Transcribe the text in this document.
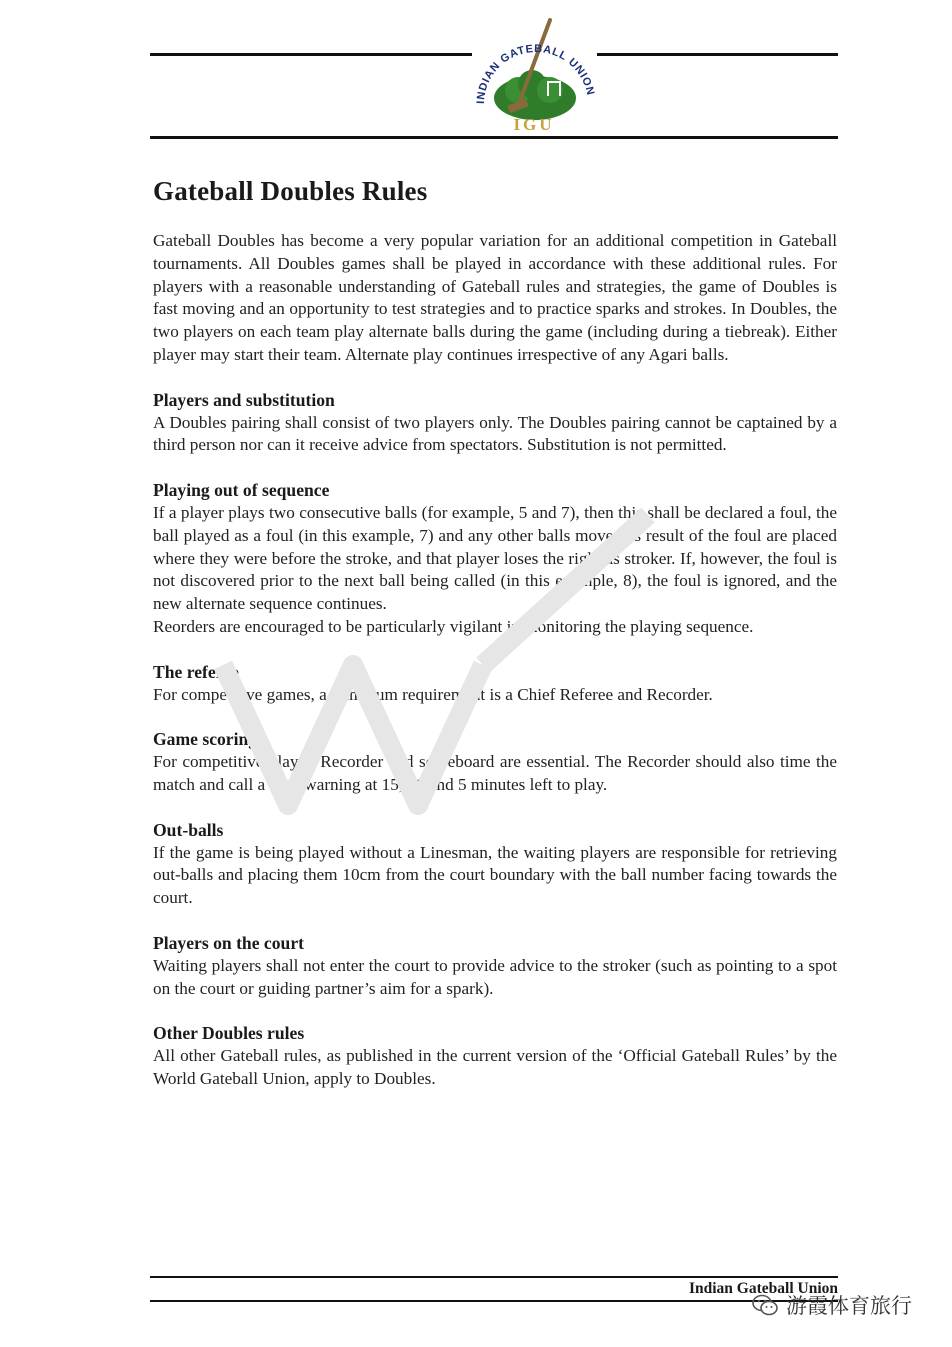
INDIAN GATEBALL UNION
IGU
Gateball Doubles Rules

Gateball Doubles has become a very popular variation for an additional competition in Gateball tournaments. All Doubles games shall be played in accordance with these additional rules. For players with a reasonable understanding of Gateball rules and strategies, the game of Doubles is fast moving and an opportunity to test strategies and to practice sparks and strokes. In Doubles, the two players on each team play alternate balls during the game (including during a tiebreak). Either player may start their team. Alternate play continues irrespective of any Agari balls.

Players and substitution

A Doubles pairing shall consist of two players only. The Doubles pairing cannot be captained by a third person nor can it receive advice from spectators. Substitution is not permitted.

Playing out of sequence

If a player plays two consecutive balls (for example, 5 and 7), then this shall be declared a foul, the ball played as a foul (in this example, 7) and any other balls moved as result of the foul are placed where they were before the stroke, and that player loses the right as stroker. If, however, the foul is not discovered prior to the next ball being called (in this example, 8), the foul is ignored, and the new alternate sequence continues.

Reorders are encouraged to be particularly vigilant in monitoring the playing sequence.

The referee

For competitive games, a minimum requirement is a Chief Referee and Recorder.

Game scoring

For competitive play, a Recorder and scoreboard are essential. The Recorder should also time the match and call a time warning at 15, 10 and 5 minutes left to play.

Out-balls

If the game is being played without a Linesman, the waiting players are responsible for retrieving out-balls and placing them 10cm from the court boundary with the ball number facing towards the court.

Players on the court

Waiting players shall not enter the court to provide advice to the stroker (such as pointing to a spot on the court or guiding partner’s aim for a spark).

Other Doubles rules

All other Gateball rules, as published in the current version of the ‘Official Gateball Rules’ by the World Gateball Union, apply to Doubles.

Indian Gateball Union
游霞体育旅行
